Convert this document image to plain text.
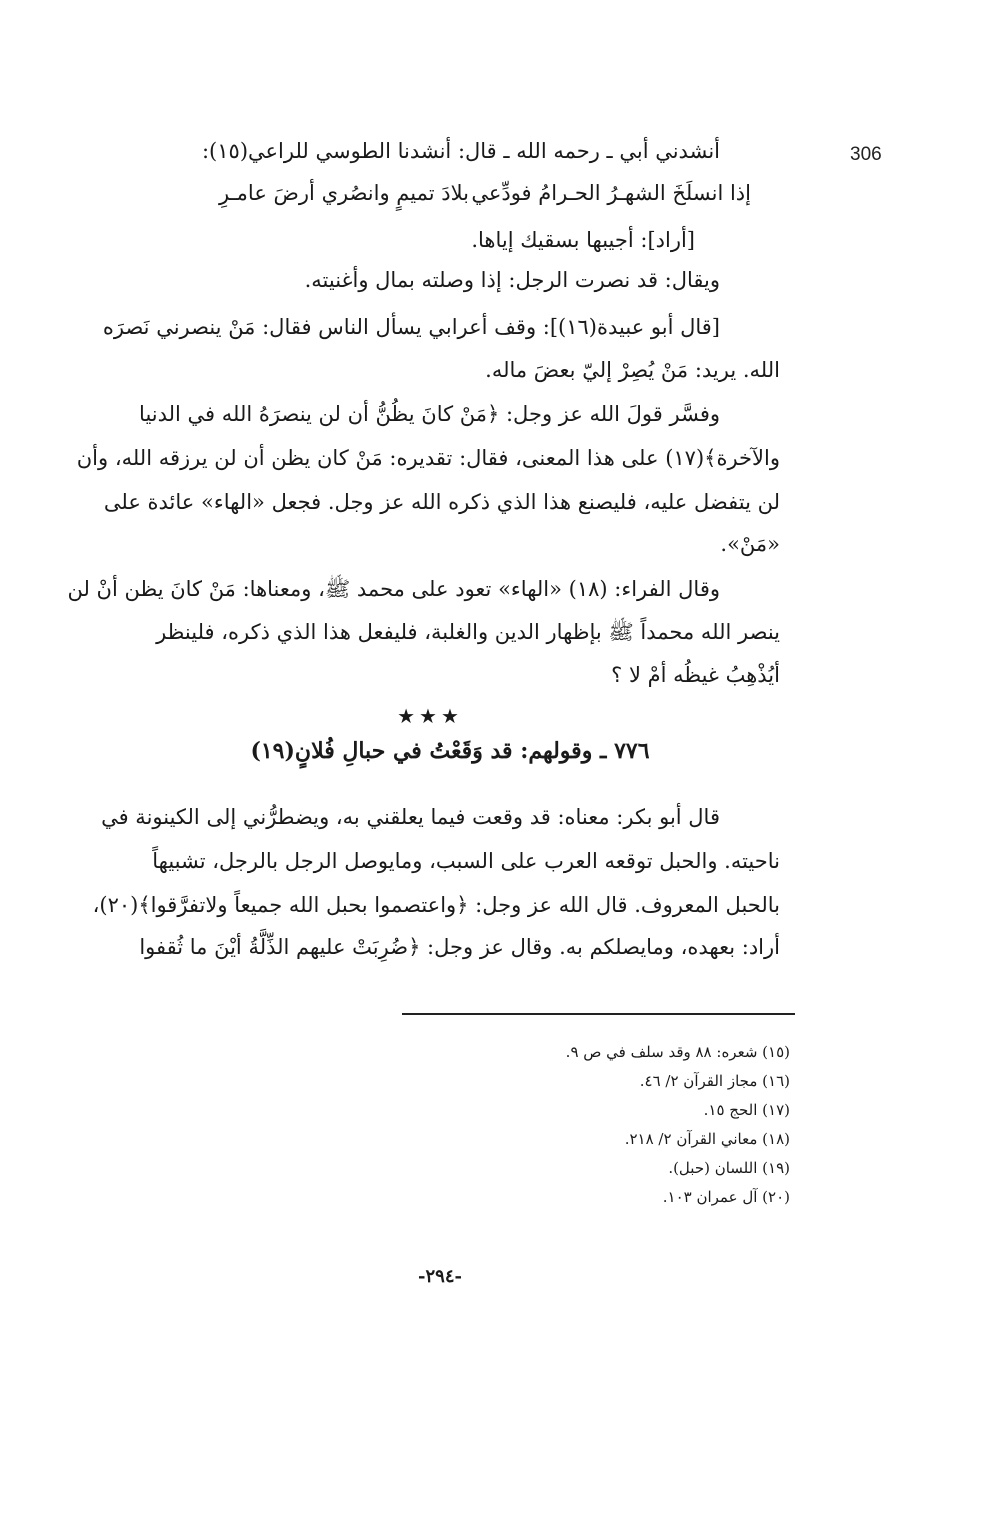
306
أنشدني أبي ـ رحمه الله ـ قال: أنشدنا الطوسي للراعي(١٥):
إذا انسلَخَ الشهـرُ الحـرامُ فودِّعي
بلادَ تميمٍ وانصُري أرضَ عامـرِ
[أراد]: أجيبها بسقيك إياها.
ويقال: قد نصرت الرجل: إذا وصلته بمال وأغنيته.
[قال أبو عبيدة(١٦)]: وقف أعرابي يسأل الناس فقال: مَنْ ينصرني نَصرَه
الله. يريد: مَنْ يُصِرْ إليّ بعضَ ماله.
وفسَّر قولَ الله عز وجل: ﴿مَنْ كانَ يظُنُّ أن لن ينصرَهُ الله في الدنيا
والآخرة﴾(١٧) على هذا المعنى، فقال: تقديره: مَنْ كان يظن أن لن يرزقه الله، وأن
لن يتفضل عليه، فليصنع هذا الذي ذكره الله عز وجل. فجعل «الهاء» عائدة على
«مَنْ».
وقال الفراء: (١٨) «الهاء» تعود على محمد ﷺ، ومعناها: مَنْ كانَ يظن أنْ لن
ينصر الله محمداً ﷺ بإظهار الدين والغلبة، فليفعل هذا الذي ذكره، فلينظر
أيُذْهِبُ غيظُه أمْ لا ؟
★★★
٧٧٦ ـ وقولهم: قد وَقَعْتُ في حبالِ فُلانٍ(١٩)
قال أبو بكر: معناه: قد وقعت فيما يعلقني به، ويضطرُّني إلى الكينونة في
ناحيته. والحبل توقعه العرب على السبب، ومايوصل الرجل بالرجل، تشبيهاً
بالحبل المعروف. قال الله عز وجل: ﴿واعتصموا بحبل الله جميعاً ولاتفرَّقوا﴾(٢٠)،
أراد: بعهده، ومايصلكم به. وقال عز وجل: ﴿ضُرِبَتْ عليهم الذِّلَّةُ أيْنَ ما ثُقفوا
(١٥) شعره: ٨٨ وقد سلف في ص ٩.
(١٦) مجاز القرآن ٢/ ٤٦.
(١٧) الحج ١٥.
(١٨) معاني القرآن ٢/ ٢١٨.
(١٩) اللسان (حبل).
(٢٠) آل عمران ١٠٣.
-٢٩٤-
